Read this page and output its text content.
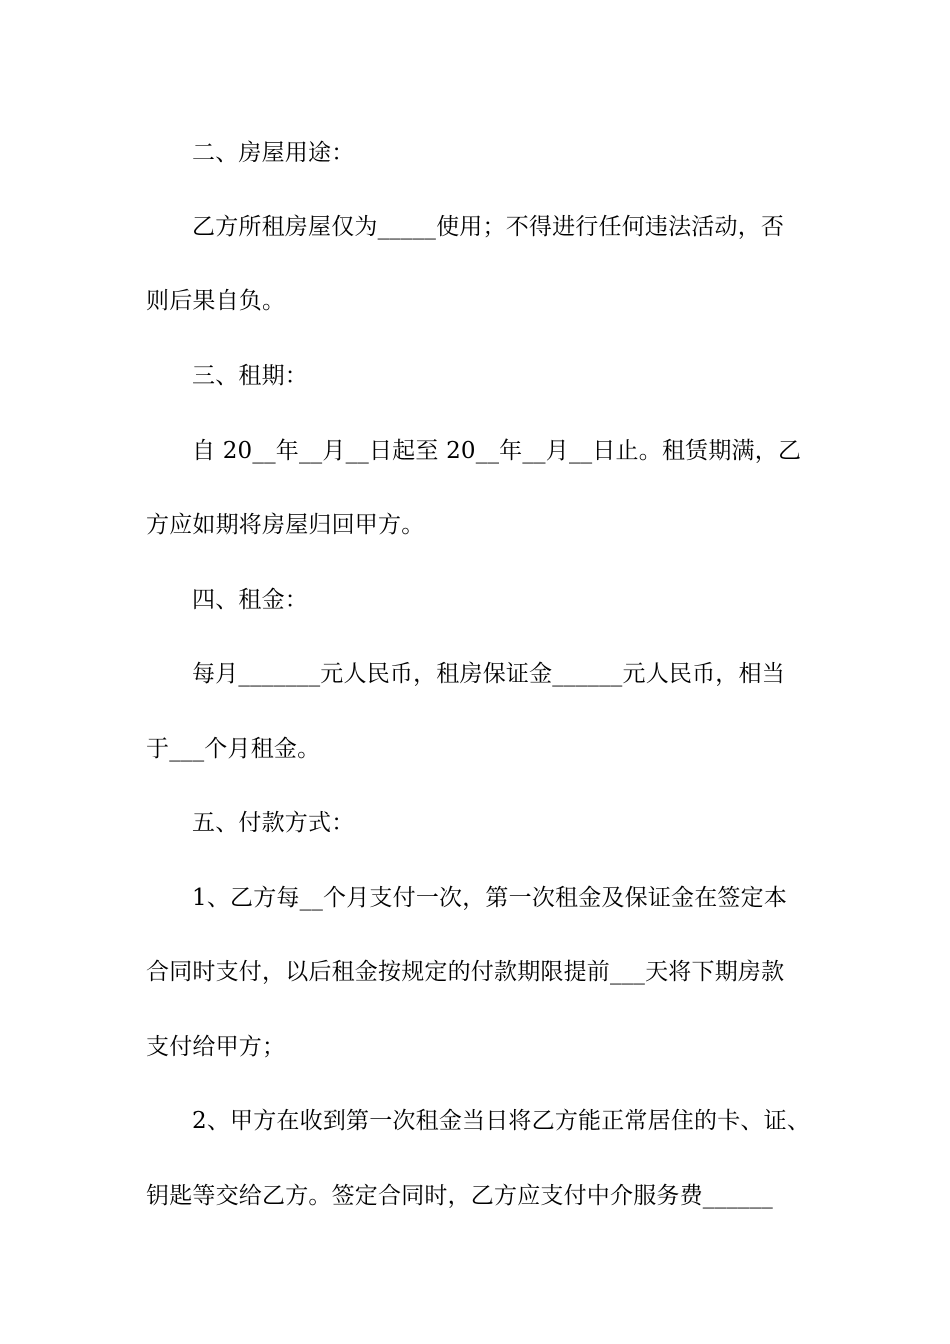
二、房屋用途：
乙方所租房屋仅为_____使用；不得进行任何违法活动，否
则后果自负。
三、租期：
自 20__年__月__日起至 20__年__月__日止。租赁期满，乙
方应如期将房屋归回甲方。
四、租金：
每月_______元人民币，租房保证金______元人民币，相当
于___个月租金。
五、付款方式：
1、乙方每__个月支付一次，第一次租金及保证金在签定本
合同时支付，以后租金按规定的付款期限提前___天将下期房款
支付给甲方；
2、甲方在收到第一次租金当日将乙方能正常居住的卡、证、
钥匙等交给乙方。签定合同时，乙方应支付中介服务费______
